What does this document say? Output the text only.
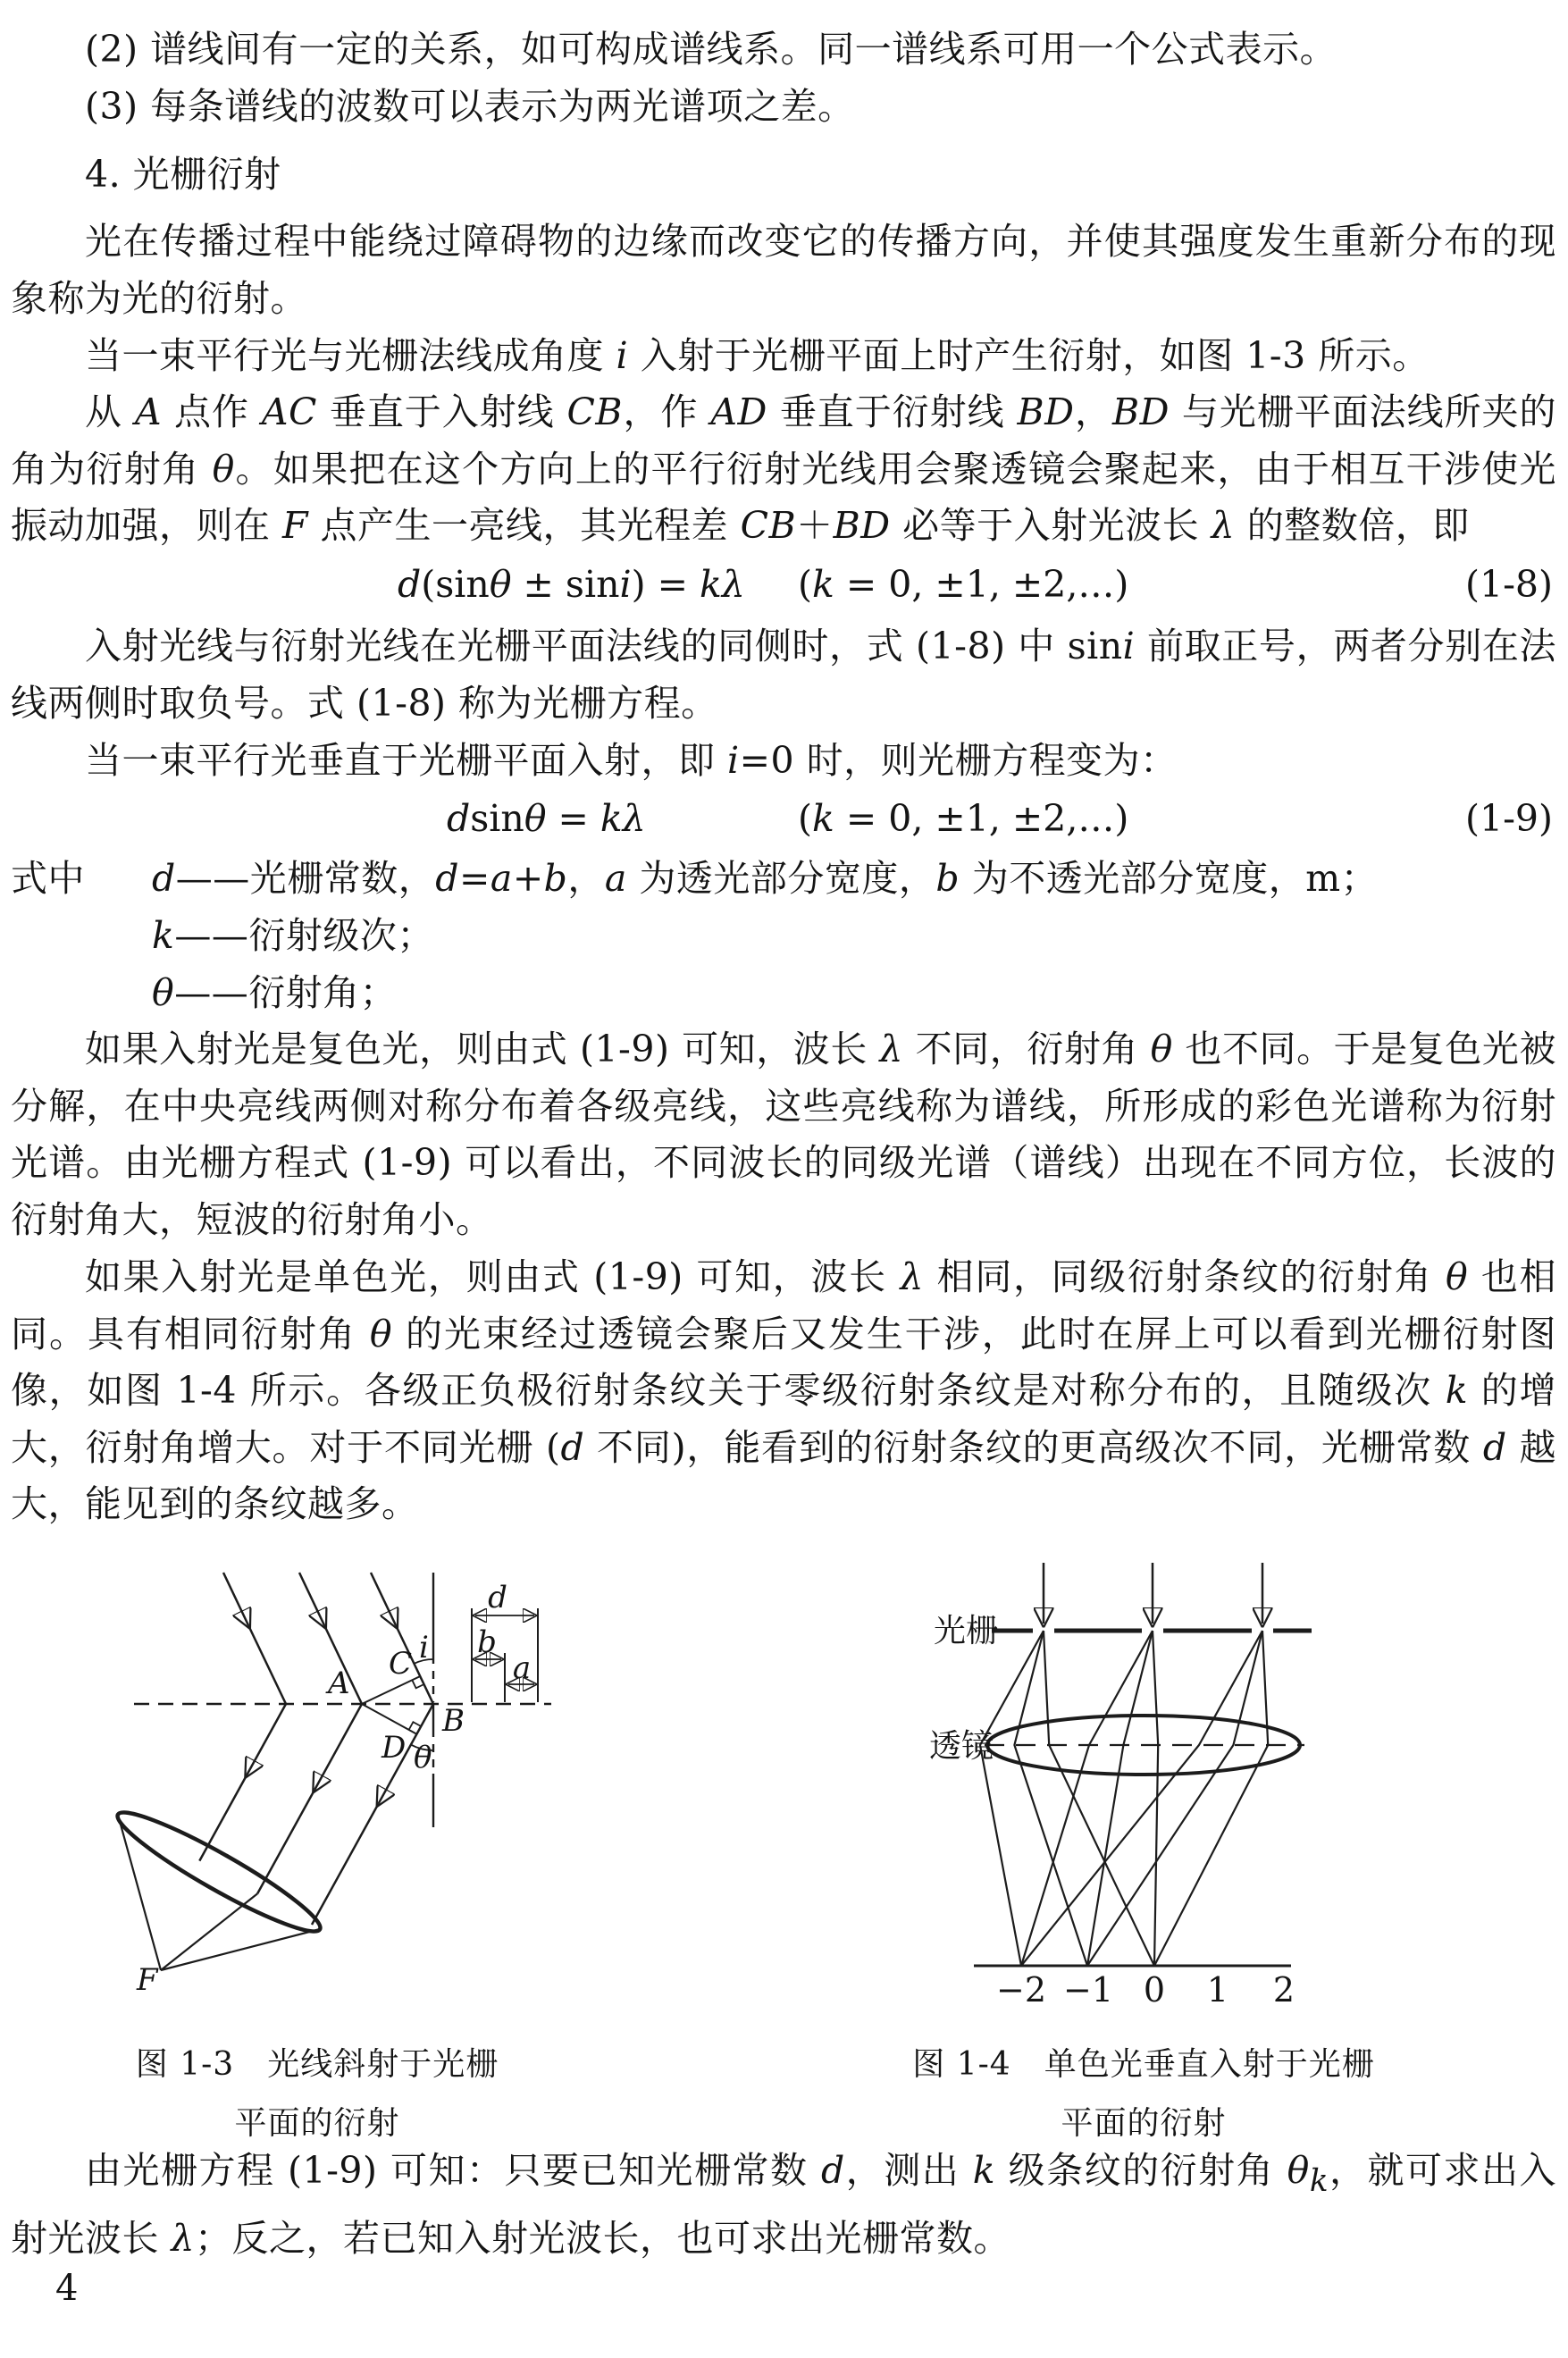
(2) 谱线间有一定的关系，如可构成谱线系。同一谱线系可用一个公式表示。
(3) 每条谱线的波数可以表示为两光谱项之差。
4. 光栅衍射
光在传播过程中能绕过障碍物的边缘而改变它的传播方向，并使其强度发生重新分布的现象称为光的衍射。
当一束平行光与光栅法线成角度 i 入射于光栅平面上时产生衍射，如图 1-3 所示。
从 A 点作 AC 垂直于入射线 CB，作 AD 垂直于衍射线 BD，BD 与光栅平面法线所夹的角为衍射角 θ。如果把在这个方向上的平行衍射光线用会聚透镜会聚起来，由于相互干涉使光振动加强，则在 F 点产生一亮线，其光程差 CB＋BD 必等于入射光波长 λ 的整数倍，即
d(sinθ ± sini) = kλ (k = 0, ±1, ±2,…)	(1-8)
入射光线与衍射光线在光栅平面法线的同侧时，式 (1-8) 中 sini 前取正号，两者分别在法线两侧时取负号。式 (1-8) 称为光栅方程。
当一束平行光垂直于光栅平面入射，即 i=0 时，则光栅方程变为：
dsinθ = kλ	(k = 0, ±1, ±2,…)	(1-9)
式中 d——光栅常数，d=a+b，a 为透光部分宽度，b 为不透光部分宽度，m；
k——衍射级次；
θ——衍射角；
如果入射光是复色光，则由式 (1-9) 可知，波长 λ 不同，衍射角 θ 也不同。于是复色光被分解，在中央亮线两侧对称分布着各级亮线，这些亮线称为谱线，所形成的彩色光谱称为衍射光谱。由光栅方程式 (1-9) 可以看出，不同波长的同级光谱（谱线）出现在不同方位，长波的衍射角大，短波的衍射角小。
如果入射光是单色光，则由式 (1-9) 可知，波长 λ 相同，同级衍射条纹的衍射角 θ 也相同。具有相同衍射角 θ 的光束经过透镜会聚后又发生干涉，此时在屏上可以看到光栅衍射图像，如图 1-4 所示。各级正负极衍射条纹关于零级衍射条纹是对称分布的，且随级次 k 的增大，衍射角增大。对于不同光栅 (d 不同)，能看到的衍射条纹的更高级次不同，光栅常数 d 越大，能见到的条纹越多。
A
B
C
D
F
i
θ
d
b
a
光栅
透镜
−2 −1 0 1 2
图 1-3　光线斜射于光栅
平面的衍射
图 1-4　单色光垂直入射于光栅
平面的衍射
由光栅方程 (1-9) 可知：只要已知光栅常数 d，测出 k 级条纹的衍射角 $\theta_k$，就可求出入射光波长 λ；反之，若已知入射光波长，也可求出光栅常数。
4
